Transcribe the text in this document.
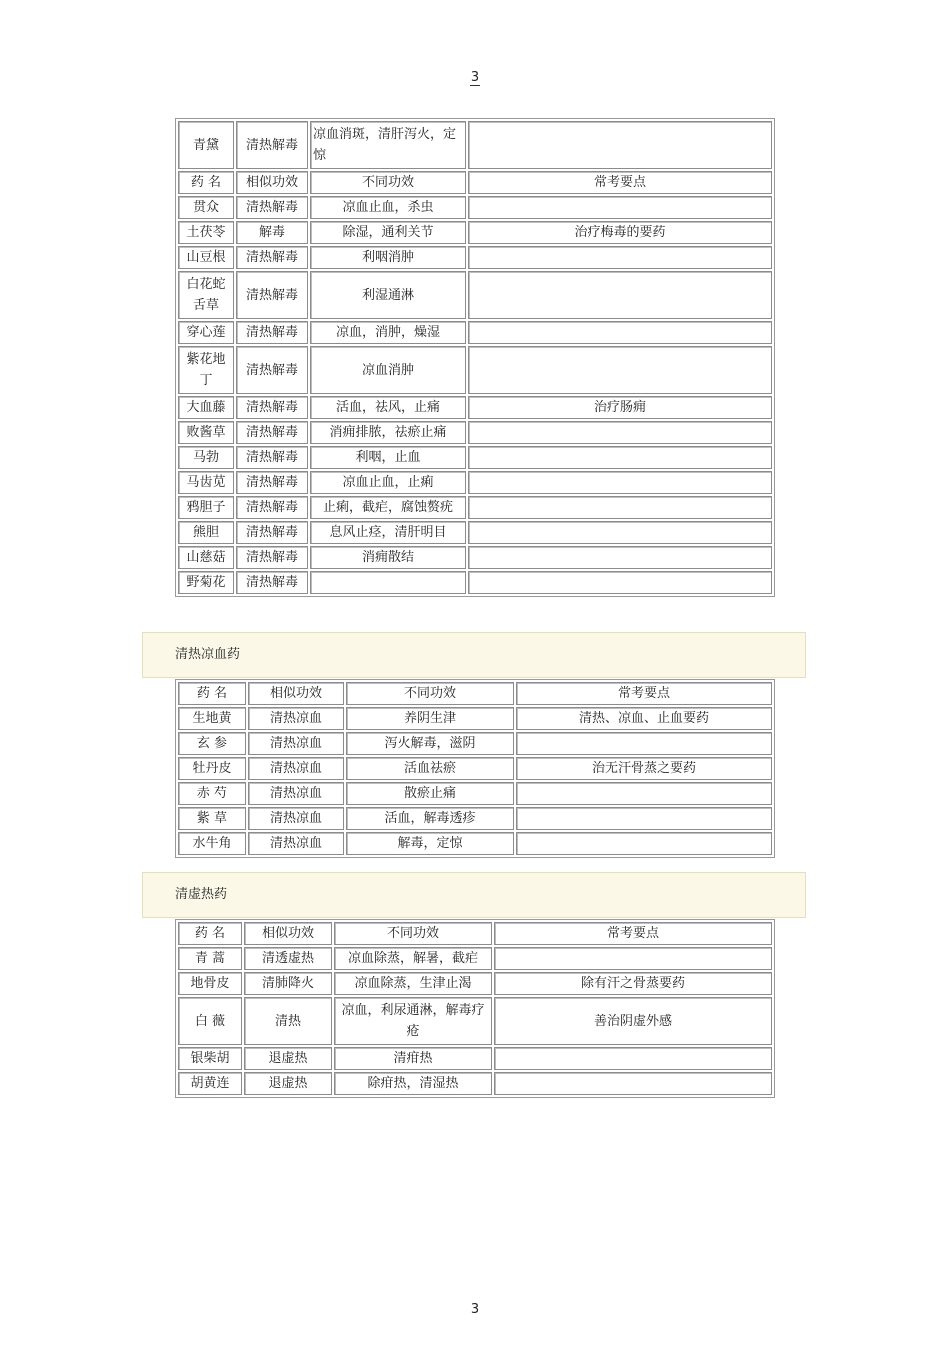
3
青黛	清热解毒	凉血消斑，清肝泻火，定惊	
药 名	相似功效	不同功效	常考要点
贯众	清热解毒	凉血止血，杀虫	
土茯苓	解毒	除湿，通利关节	治疗梅毒的要药
山豆根	清热解毒	利咽消肿	
白花蛇舌草	清热解毒	利湿通淋	
穿心莲	清热解毒	凉血，消肿，燥湿	
紫花地丁	清热解毒	凉血消肿	
大血藤	清热解毒	活血，祛风，止痛	治疗肠痈
败酱草	清热解毒	消痈排脓，祛瘀止痛	
马勃	清热解毒	利咽，止血	
马齿苋	清热解毒	凉血止血，止痢	
鸦胆子	清热解毒	止痢，截疟，腐蚀赘疣	
熊胆	清热解毒	息风止痉，清肝明目	
山慈菇	清热解毒	消痈散结	
野菊花	清热解毒		
清热凉血药
药 名	相似功效	不同功效	常考要点
生地黄	清热凉血	养阴生津	清热、凉血、止血要药
玄 参	清热凉血	泻火解毒，滋阴	
牡丹皮	清热凉血	活血祛瘀	治无汗骨蒸之要药
赤 芍	清热凉血	散瘀止痛	
紫 草	清热凉血	活血，解毒透疹	
水牛角	清热凉血	解毒，定惊	
清虚热药
药 名	相似功效	不同功效	常考要点
青 蒿	清透虚热	凉血除蒸，解暑，截疟	
地骨皮	清肺降火	凉血除蒸，生津止渴	除有汗之骨蒸要药
白 薇	清热	凉血，利尿通淋，解毒疗疮	善治阴虚外感
银柴胡	退虚热	清疳热	
胡黄连	退虚热	除疳热，清湿热	
3
